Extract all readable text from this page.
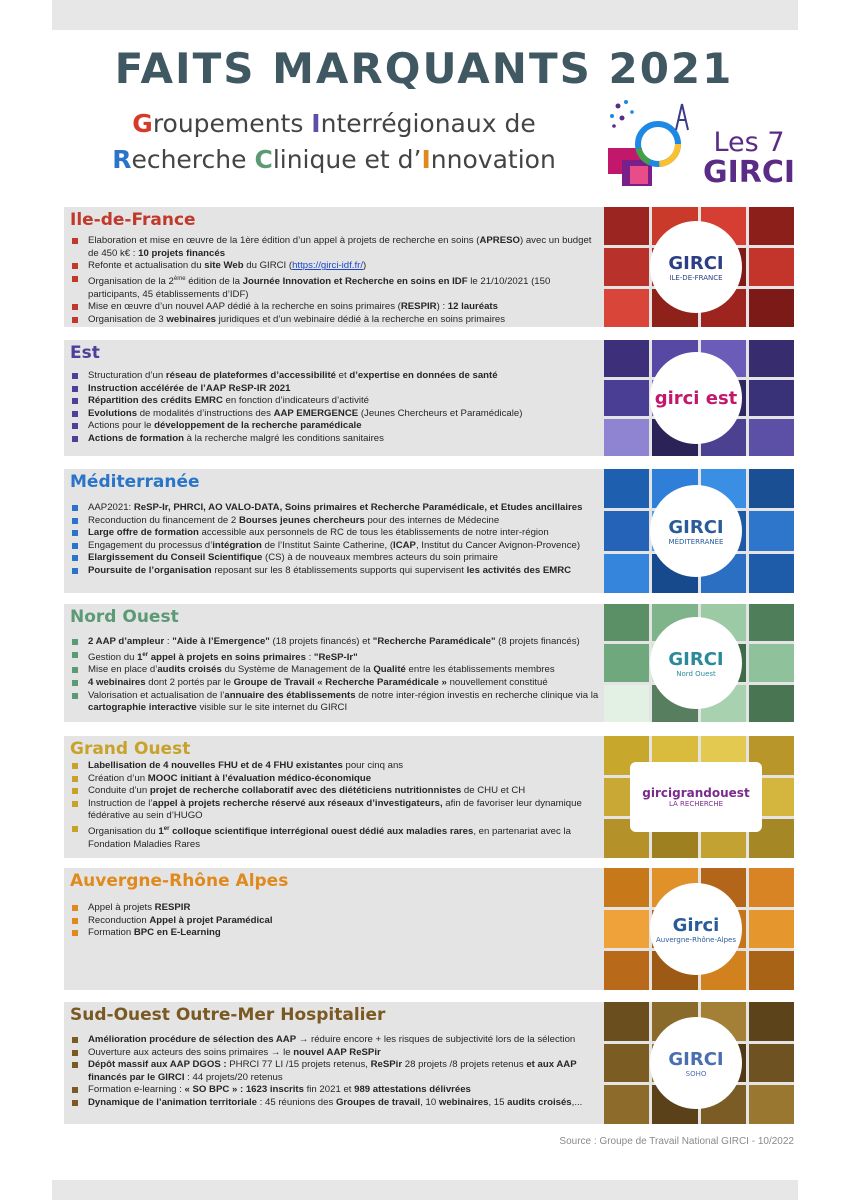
FAITS MARQUANTS 2021
Groupements Interrégionaux de
Recherche Clinique et d’Innovation
Les 7
GIRCI
Ile-de-France
Elaboration et mise en œuvre de la 1ère édition d’un appel à projets de recherche en soins (APRESO) avec un budget de 450 k€ : 10 projets financés
Refonte et actualisation du site Web du GIRCI (https://girci-idf.fr/)
Organisation de la 2ème édition de la Journée Innovation et Recherche en soins en IDF le 21/10/2021 (150 participants, 45 établissements d’IDF)
Mise en œuvre d’un nouvel AAP dédié à la recherche en soins primaires (RESPIR) : 12 lauréats
Organisation de 3 webinaires juridiques et d’un webinaire dédié à la recherche en soins primaires
GIRCI
ILE-DE-FRANCE
Est
Structuration d’un réseau de plateformes d’accessibilité et d’expertise en données de santé
Instruction accélérée de l’AAP ReSP-IR 2021
Répartition des crédits EMRC en fonction d’indicateurs d’activité
Evolutions de modalités d’instructions des AAP EMERGENCE (Jeunes Chercheurs et Paramédicale)
Actions pour le développement de la recherche paramédicale
Actions de formation à la recherche malgré les conditions sanitaires
girci est
Méditerranée
AAP2021: ReSP-Ir, PHRCI, AO VALO-DATA, Soins primaires et Recherche Paramédicale, et Etudes ancillaires
Reconduction du financement de 2 Bourses jeunes chercheurs pour des internes de Médecine
Large offre de formation accessible aux personnels de RC de tous les établissements de notre inter-région
Engagement du processus d’intégration de l’Institut Sainte Catherine, (ICAP, Institut du Cancer Avignon-Provence)
Elargissement du Conseil Scientifique (CS) à de nouveaux membres acteurs du soin primaire
Poursuite de l’organisation reposant sur les 8 établissements supports qui supervisent les activités des EMRC
GIRCI
MÉDITERRANÉE
Nord Ouest
2 AAP d’ampleur : "Aide à l’Emergence" (18 projets financés) et "Recherche Paramédicale" (8 projets financés)
Gestion du 1er appel à projets en soins primaires : "ReSP-Ir"
Mise en place d’audits croisés du Système de Management de la Qualité entre les établissements membres
4 webinaires dont 2 portés par le Groupe de Travail « Recherche Paramédicale » nouvellement constitué
Valorisation et actualisation de l’annuaire des établissements de notre inter-région investis en recherche clinique via la cartographie interactive visible sur le site internet du GIRCI
GIRCI
Nord Ouest
Grand Ouest
Labellisation de 4 nouvelles FHU et de 4 FHU existantes pour cinq ans
Création d’un MOOC initiant à l’évaluation médico-économique
Conduite d’un projet de recherche collaboratif avec des diététiciens nutritionnistes de CHU et CH
Instruction de l’appel à projets recherche réservé aux réseaux d’investigateurs, afin de favoriser leur dynamique fédérative au sein d’HUGO
Organisation du 1er colloque scientifique interrégional ouest dédié aux maladies rares, en partenariat avec la Fondation Maladies Rares
gircigrandouest
LA RECHERCHE
Auvergne-Rhône Alpes
Appel à projets RESPIR
Reconduction Appel à projet Paramédical
Formation BPC en E-Learning	Girci
Auvergne-Rhône-Alpes
Sud-Ouest Outre-Mer Hospitalier
Amélioration procédure de sélection des AAP → réduire encore + les risques de subjectivité lors de la sélection
Ouverture aux acteurs des soins primaires → le nouvel AAP ReSPir
Dépôt massif aux AAP DGOS : PHRCI 77 LI /15 projets retenus, ReSPir 28 projets /8 projets retenus et aux AAP financés par le GIRCI : 44 projets/20 retenus
Formation e-learning : « SO BPC » : 1623 inscrits fin 2021 et 989 attestations délivrées
Dynamique de l’animation territoriale : 45 réunions des Groupes de travail, 10 webinaires, 15 audits croisés,...
GIRCI
SOHO
Source : Groupe de Travail National GIRCI - 10/2022
